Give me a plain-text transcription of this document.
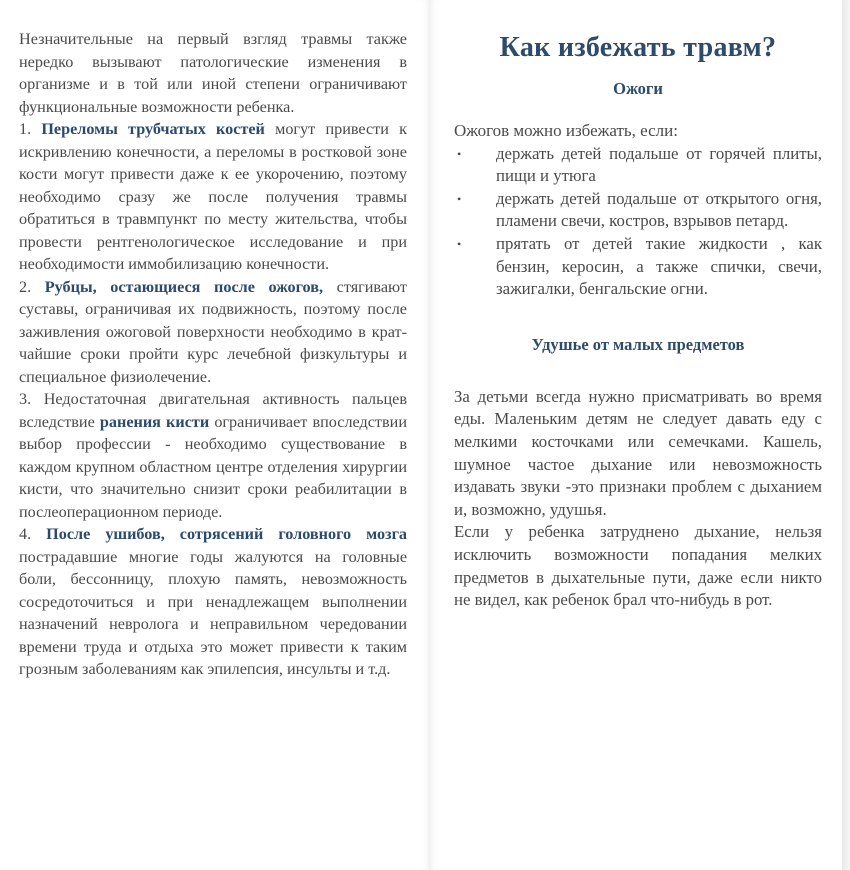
Незначительные на первый взгляд травмы также нередко вызывают патологические изменения в организме и в той или иной степени ограничивают функциональные возможности ребенка.

1. Переломы трубчатых костей могут привести к искривлению конечности, а переломы в ростковой зоне кости могут привести даже к ее укорочению, поэтому необходимо сразу же после получения травмы обратиться в травмпункт по месту жительства, чтобы провести рентгенологическое исследование и при необходимости иммобилизацию конечности.

2. Рубцы, остающиеся после ожогов, стягивают суставы, ограничивая их подвижность, поэтому после заживления ожоговой поверхности необходимо в кратчайшие сроки пройти курс лечебной физкультуры и специальное физиолечение.

3. Недостаточная двигательная активность пальцев вследствие ранения кисти ограничивает впоследствии выбор профессии - необходимо существование в каждом крупном областном центре отделения хирургии кисти, что значительно снизит сроки реабилитации в послеоперационном периоде.

4. После ушибов, сотрясений головного мозга пострадавшие многие годы жалуются на головные боли, бессонницу, плохую память, невозможность сосредоточиться и при ненадлежащем выполнении назначений невролога и неправильном чередовании времени труда и отдыха это может привести к таким грозным заболеваниям как эпилепсия, инсульты и т.д.

Как избежать травм?
Ожоги

Ожогов можно избежать, если:

• держать детей подальше от горячей плиты, пищи и утюга
• держать детей подальше от открытого огня, пламени свечи, костров, взрывов петард.
• прятать от детей такие жидкости , как бензин, керосин, а также спички, свечи, зажигалки, бенгальские огни.
Удушье от малых предметов

За детьми всегда нужно присматривать во время еды. Маленьким детям не следует давать еду с мелкими косточками или семечками. Кашель, шумное частое дыхание или невозможность издавать звуки -это признаки проблем с дыханием и, возможно, удушья.

Если у ребенка затруднено дыхание, нельзя исключить возможности попадания мелких предметов в дыхательные пути, даже если никто не видел, как ребенок брал что-нибудь в рот.
